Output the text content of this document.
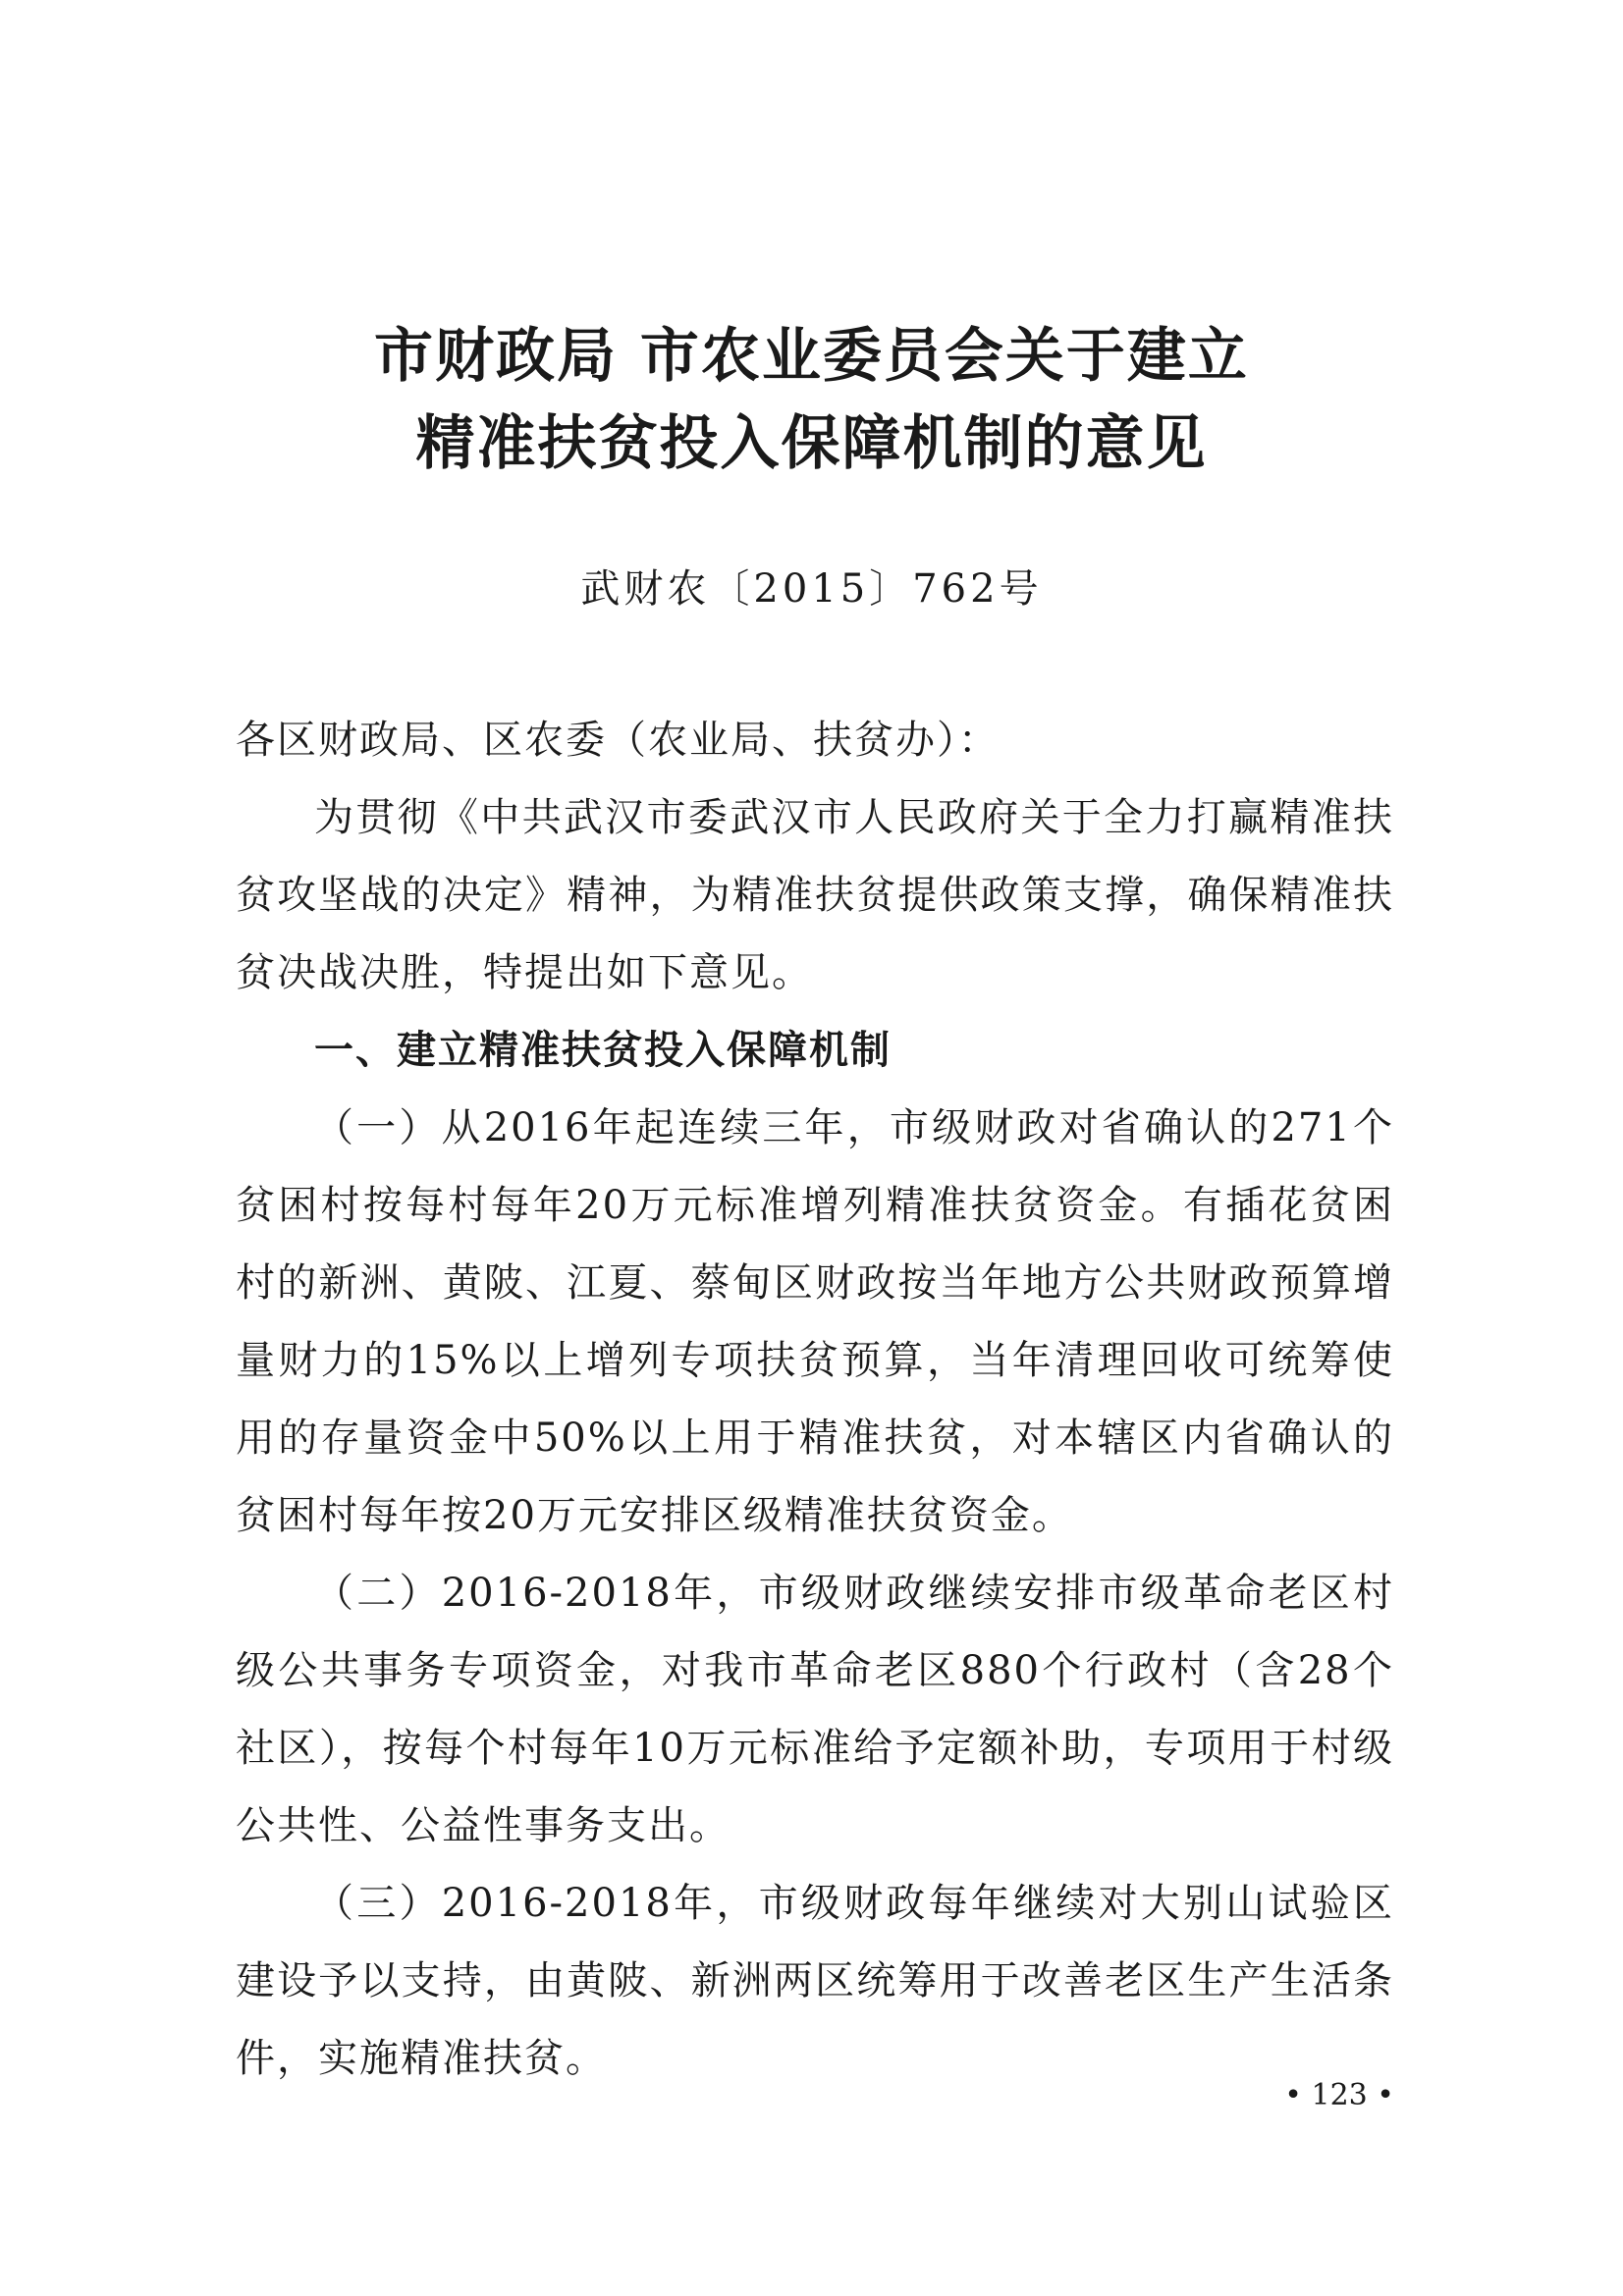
市财政局 市农业委员会关于建立
精准扶贫投入保障机制的意见
武财农〔2015〕762号

各区财政局、区农委（农业局、扶贫办）：

为贯彻《中共武汉市委武汉市人民政府关于全力打赢精准扶贫攻坚战的决定》精神，为精准扶贫提供政策支撑，确保精准扶贫决战决胜，特提出如下意见。

一、建立精准扶贫投入保障机制

（一）从2016年起连续三年，市级财政对省确认的271个贫困村按每村每年20万元标准增列精准扶贫资金。有插花贫困村的新洲、黄陂、江夏、蔡甸区财政按当年地方公共财政预算增量财力的15%以上增列专项扶贫预算，当年清理回收可统筹使用的存量资金中50%以上用于精准扶贫，对本辖区内省确认的贫困村每年按20万元安排区级精准扶贫资金。

（二）2016-2018年，市级财政继续安排市级革命老区村级公共事务专项资金，对我市革命老区880个行政村（含28个社区），按每个村每年10万元标准给予定额补助，专项用于村级公共性、公益性事务支出。

（三）2016-2018年，市级财政每年继续对大别山试验区建设予以支持，由黄陂、新洲两区统筹用于改善老区生产生活条件，实施精准扶贫。

• 123 •
